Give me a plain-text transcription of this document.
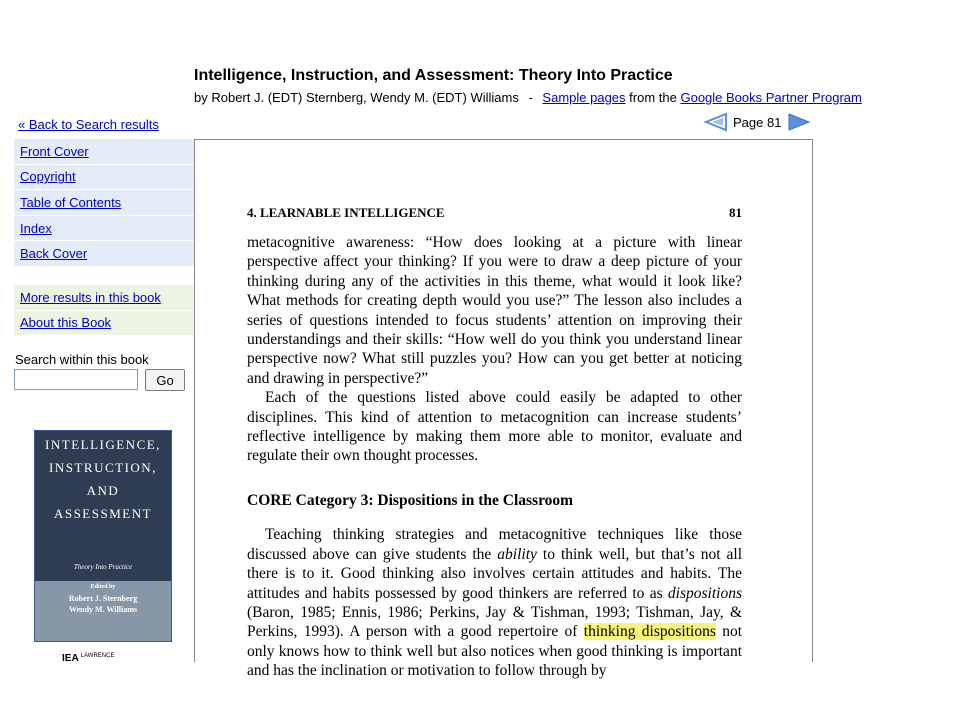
Intelligence, Instruction, and Assessment: Theory Into Practice
by Robert J. (EDT) Sternberg, Wendy M. (EDT) Williams - Sample pages from the Google Books Partner Program
Page 81
« Back to Search results
Front Cover
Copyright
Table of Contents
Index
Back Cover
More results in this book
About this Book
Search within this book
Go
INTELLIGENCE,
INSTRUCTION,
AND
ASSESSMENT
Theory Into Practice
Edited by
Robert J. Sternberg
Wendy M. Williams
IEA $^{LAWRENCE}$
4. LEARNABLE INTELLIGENCE	81

metacognitive awareness: “How does looking at a picture with linear perspective affect your thinking? If you were to draw a deep picture of your thinking during any of the activities in this theme, what would it look like? What methods for creating depth would you use?” The lesson also includes a series of questions intended to focus students’ attention on improving their understandings and their skills: “How well do you think you understand linear perspective now? What still puzzles you? How can you get better at noticing and drawing in perspective?”

Each of the questions listed above could easily be adapted to other disciplines. This kind of attention to metacognition can increase students’ reflective intelligence by making them more able to monitor, evaluate and regulate their own thought processes.

CORE Category 3: Dispositions in the Classroom

Teaching thinking strategies and metacognitive techniques like those discussed above can give students the ability to think well, but that’s not all there is to it. Good thinking also involves certain attitudes and habits. The attitudes and habits possessed by good thinkers are referred to as dispositions (Baron, 1985; Ennis, 1986; Perkins, Jay & Tishman, 1993; Tishman, Jay, & Perkins, 1993). A person with a good repertoire of thinking dispositions not only knows how to think well but also notices when good thinking is important and has the inclination or motivation to follow through by
